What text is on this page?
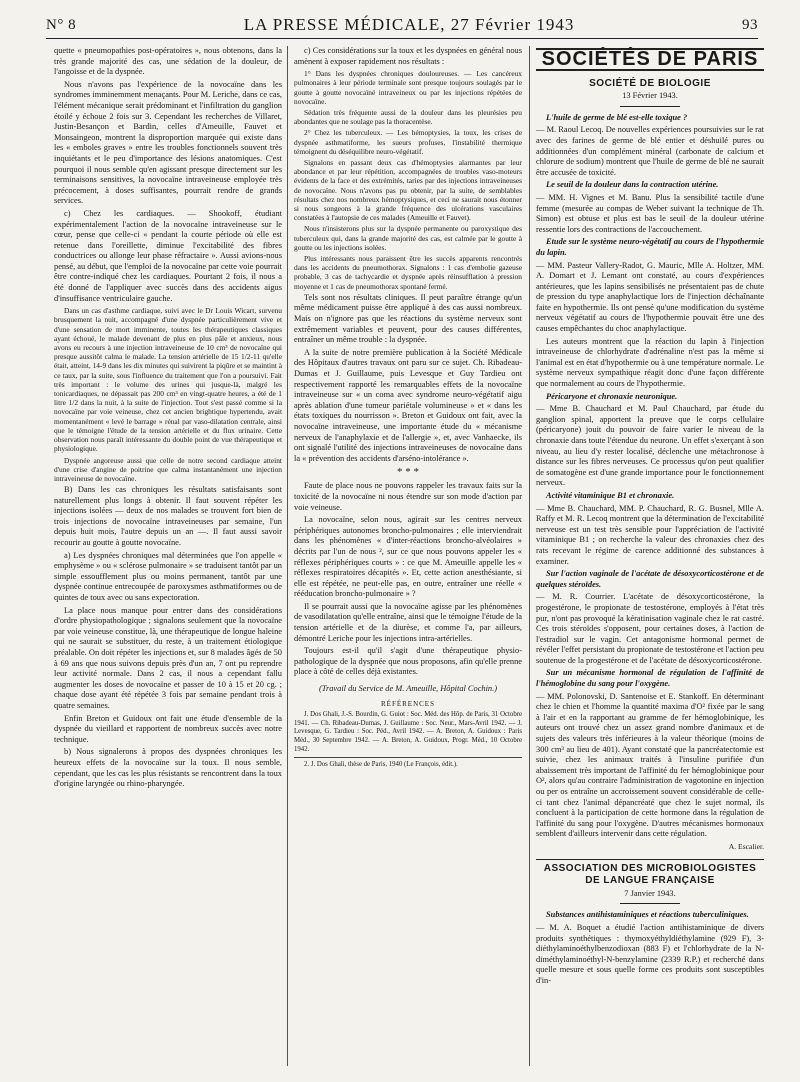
N° 8	LA PRESSE MÉDICALE, 27 Février 1943	93

quette « pneumopathies post-opératoires », nous obtenons, dans la très grande majorité des cas, une sédation de la douleur, de l'angoisse et de la dyspnée.

Nous n'avons pas l'expérience de la novocaïne dans les syndromes imminemment menaçants. Pour M. Leriche, dans ce cas, l'élément mécanique serait prédominant et l'infiltration du ganglion étoilé y échoue 2 fois sur 3. Cependant les recherches de Villaret, Justin-Besançon et Bardin, celles d'Ameuille, Fauvet et Monsaingeon, montrent la disproportion marquée qui existe dans les « emboles graves » entre les troubles fonctionnels souvent très inquiétants et le peu d'importance des lésions anatomiques. C'est pourquoi il nous semble qu'en agissant presque directement sur les terminaisons sensitives, la novocaïne intraveineuse employée très précocement, à doses suffisantes, pourrait rendre de grands services.

c) Chez les cardiaques. — Shookoff, étudiant expérimentalement l'action de la novocaïne intraveineuse sur le cœur, pense que celle-ci « pendant la courte période où elle est retenue dans l'oreillette, diminue l'excitabilité des fibres conductrices ou allonge leur phase réfractaire ». Aussi avions-nous pensé, au début, que l'emploi de la novocaïne par cette voie pourrait être contre-indiqué chez les cardiaques. Pourtant 2 fois, il nous a été donné de l'appliquer avec succès dans des accidents aigus d'insuffisance ventriculaire gauche.

Dans un cas d'asthme cardiaque, suivi avec le Dr Louis Wicart, survenu brusquement la nuit, accompagné d'une dyspnée particulièrement vive et d'une sensation de mort imminente, toutes les thérapeutiques classiques ayant échoué, le malade devenant de plus en plus pâle et anxieux, nous avons eu recours à une injection intraveineuse de 10 cm³ de novocaïne qui presque aussitôt calma le malade. La tension artérielle de 15 1/2-11 qu'elle était, atteint, 14-9 dans les dix minutes qui suivirent la piqûre et se maintint à ce taux, par la suite, sous l'influence du traitement que l'on a poursuivi. Fait très important : le volume des urines qui jusque-là, malgré les tonicardiaques, ne dépassait pas 200 cm³ en vingt-quatre heures, a été de 1 litre 1/2 dans la nuit, à la suite de l'injection. Tout s'est passé comme si la novocaïne par voie veineuse, chez cet ancien brightique hypertendu, avait momentanément « levé le barrage » rénal par vaso-dilatation centrale, ainsi que le témoigne l'étude de la tension artérielle et du flux urinaire. Cette observation nous paraît intéressante du double point de vue thérapeutique et physiologique.

Dyspnée angoreuse aussi que celle de notre second cardiaque atteint d'une crise d'angine de poitrine que calma instantanément une injection intraveineuse de novocaïne.

B) Dans les cas chroniques les résultats satisfaisants sont naturellement plus longs à obtenir. Il faut souvent répéter les injections isolées — deux de nos malades se trouvent fort bien de trois injections de novocaïne intraveineuses par semaine, l'un depuis huit mois, l'autre depuis un an —. Il faut aussi savoir recourir au goutte à goutte novocaïne.

a) Les dyspnées chroniques mal déterminées que l'on appelle « emphysème » ou « sclérose pulmonaire » se traduisent tantôt par un simple essoufflement plus ou moins permanent, tantôt par une dyspnée continue entrecoupée de paroxysmes asthmatiformes ou de quintes de toux avec ou sans expectoration.

La place nous manque pour entrer dans des considérations d'ordre physiopathologique ; signalons seulement que la novocaïne par voie veineuse constitue, là, une thérapeutique de longue haleine qui ne saurait se substituer, du reste, à un traitement étiologique préalable. On doit répéter les injections et, sur 8 malades âgés de 50 à 69 ans que nous suivons depuis près d'un an, 7 ont pu reprendre leur activité normale. Dans 2 cas, il nous a cependant fallu augmenter les doses de novocaïne et passer de 10 à 15 et 20 cg. ; chaque dose ayant été répétée 3 fois par semaine pendant trois à quatre semaines.

Enfin Breton et Guidoux ont fait une étude d'ensemble de la dyspnée du vieillard et rapportent de nombreux succès avec notre technique.

b) Nous signalerons à propos des dyspnées chroniques les heureux effets de la novocaïne sur la toux. Il nous semble, cependant, que les cas les plus résistants se rencontrent dans la toux d'origine laryngée ou rhino-pharyngée.

c) Ces considérations sur la toux et les dyspnées en général nous amènent à exposer rapidement nos résultats :

1° Dans les dyspnées chroniques douloureuses. — Les cancéreux pulmonaires à leur période terminale sont presque toujours soulagés par le goutte à goutte novocaïné intraveineux ou par les injections répétées de novocaïne.

Sédation très fréquente aussi de la douleur dans les pleurésies peu abondantes que ne soulage pas la thoracentèse.

2° Chez les tuberculeux. — Les hémoptysies, la toux, les crises de dyspnée asthmatiforme, les sueurs profuses, l'instabilité thermique témoignent du déséquilibre neuro-végétatif.

Signalons en passant deux cas d'hémoptysies alarmantes par leur abondance et par leur répétition, accompagnées de troubles vaso-moteurs évidents de la face et des extrémités, taries par des injections intraveineuses de novocaïne. Nous n'avons pas pu obtenir, par la suite, de semblables résultats chez nos nombreux hémoptysiques, et ceci ne saurait nous étonner si nous songeons à la grande fréquence des ulcérations vasculaires constatées à l'autopsie de ces malades (Ameuille et Fauvet).

Nous n'insisterons plus sur la dyspnée permanente ou paroxystique des tuberculeux qui, dans la grande majorité des cas, est calmée par le goutte à goutte ou les injections isolées.

Plus intéressants nous paraissent être les succès apparents rencontrés dans les accidents du pneumothorax. Signalons : 1 cas d'embolie gazeuse probable, 3 cas de tachycardie et dyspnée après réinsufflation à pression moyenne et 1 cas de pneumothorax spontané fermé.

Tels sont nos résultats cliniques. Il peut paraître étrange qu'un même médicament puisse être appliqué à des cas aussi nombreux. Mais on n'ignore pas que les réactions du système nerveux sont extrêmement variables et peuvent, pour des causes différentes, entraîner un même trouble : la dyspnée.

A la suite de notre première publication à la Société Médicale des Hôpitaux d'autres travaux ont paru sur ce sujet. Ch. Ribadeau-Dumas et J. Guillaume, puis Levesque et Guy Tardieu ont respectivement rapporté les remarquables effets de la novocaïne intraveineuse sur « un coma avec syndrome neuro-végétatif aigu après ablation d'une tumeur pariétale volumineuse » et « dans les états toxiques du nourrisson ». Breton et Guidoux ont fait, avec la novocaïne intraveineuse, une importante étude du « mécanisme nerveux de l'anaphylaxie et de l'allergie », et, avec Vanhaecke, ils ont signalé l'utilité des injections intraveineuses de novocaïne dans la « prévention des accidents d'arséno-intolérance ».

* * *

Faute de place nous ne pouvons rappeler les travaux faits sur la toxicité de la novocaïne ni nous étendre sur son mode d'action par voie veineuse.

La novocaïne, selon nous, agirait sur les centres nerveux périphériques autonomes broncho-pulmonaires ; elle interviendrait dans les phénomènes « d'inter-réactions broncho-alvéolaires » décrits par l'un de nous ², sur ce que nous pouvons appeler les « réflexes périphériques courts » : ce que M. Ameuille appelle les « réflexes respiratoires décapités ». Et, cette action anesthésiante, si elle est répétée, ne peut-elle pas, en outre, entraîner une réelle « rééducation broncho-pulmonaire » ?

Il se pourrait aussi que la novocaïne agisse par les phénomènes de vasodilatation qu'elle entraîne, ainsi que le témoigne l'étude de la tension artérielle et de la diurèse, et comme l'a, par ailleurs, démontré Leriche pour les injections intra-artérielles.

Toujours est-il qu'il s'agit d'une thérapeutique physio-pathologique de la dyspnée que nous proposons, afin qu'elle prenne place à côté de celles déjà existantes.

(Travail du Service de M. Ameuille, Hôpital Cochin.)
RÉFÉRENCES

J. Dos Ghali, J.-S. Bourdin, G. Guiot : Soc. Méd. des Hôp. de Paris, 31 Octobre 1941. — Ch. Ribadeau-Dumas, J. Guillaume : Soc. Neur., Mars-Avril 1942. — J. Levesque, G. Tardieu : Soc. Péd., Avril 1942. — A. Breton, A. Guidoux : Paris Méd., 30 Septembre 1942. — A. Breton, A. Guidoux, Progr. Méd., 10 Octobre 1942.

2. J. Dos Ghali, thèse de Paris, 1940 (Le François, édit.).

SOCIÉTÉS DE PARIS
SOCIÉTÉ DE BIOLOGIE
13 Février 1943.

L'huile de germe de blé est-elle toxique ?

— M. Raoul Lecoq. De nouvelles expériences poursuivies sur le rat avec des farines de germe de blé entier et déshuilé pures ou additionnées d'un complément minéral (carbonate de calcium et chlorure de sodium) montrent que l'huile de germe de blé ne saurait être accusée de toxicité.

Le seuil de la douleur dans la contraction utérine.

— MM. H. Vignes et M. Banu. Plus la sensibilité tactile d'une femme (mesurée au compas de Weber suivant la technique de Th. Simon) est obtuse et plus est bas le seuil de la douleur utérine ressentie lors des contractions de l'accouchement.

Etude sur le système neuro-végétatif au cours de l'hypothermie du lapin.

— MM. Pasteur Vallery-Radot, G. Mauric, Mlle A. Holtzer, MM. A. Domart et J. Lemant ont constaté, au cours d'expériences antérieures, que les lapins sensibilisés ne présentaient pas de chute de pression du type anaphylactique lors de l'injection déchaînante faite en hypothermie. Ils ont pensé qu'une modification du système nerveux végétatif au cours de l'hypothermie pouvait être une des causes empêchantes du choc anaphylactique.

Les auteurs montrent que la réaction du lapin à l'injection intraveineuse de chlorhydrate d'adrénaline n'est pas la même si l'animal est en état d'hypothermie ou à une température normale. Le système nerveux sympathique réagit donc d'une façon différente que normalement au cours de l'hypothermie.

Péricaryone et chronaxie neuronique.

— Mme B. Chauchard et M. Paul Chauchard, par étude du ganglion spinal, apportent la preuve que le corps cellulaire (péricaryone) jouit du pouvoir de faire varier le niveau de la chronaxie dans toute l'étendue du neurone. Un effet s'exerçant à son niveau, au lieu d'y rester localisé, déclenche une métachronose à distance sur les fibres nerveuses. Ce processus qu'on peut qualifier de somatogène est d'une grande importance pour le fonctionnement nerveux.

Activité vitaminique B1 et chronaxie.

— Mme B. Chauchard, MM. P. Chauchard, R. G. Busnel, Mlle A. Raffy et M. R. Lecoq montrent que la détermination de l'excitabilité nerveuse est un test très sensible pour l'appréciation de l'activité vitaminique B1 ; on recherche la valeur des chronaxies chez des rats recevant le régime de carence additionné des substances à examiner.

Sur l'action vaginale de l'acétate de désoxycorticostérone et de quelques stéroïdes.

— M. R. Courrier. L'acétate de désoxycorticostérone, la progestérone, le propionate de testostérone, employés à l'état très pur, n'ont pas provoqué la kératinisation vaginale chez le rat castré. Ces trois stéroïdes s'opposent, pour certaines doses, à l'action de l'estradiol sur le vagin. Cet antagonisme hormonal permet de révéler l'effet persistant du propionate de testostérone et l'action peu soutenue de la progestérone et de l'acétate de désoxycorticostérone.

Sur un mécanisme hormonal de régulation de l'affinité de l'hémoglobine du sang pour l'oxygène.

— MM. Polonovski, D. Santenoise et E. Stankoff. En déterminant chez le chien et l'homme la quantité maxima d'O² fixée par le sang à l'air et en la rapportant au gramme de fer hémoglobinique, les auteurs ont trouvé chez un assez grand nombre d'animaux et de sujets des valeurs très inférieures à la valeur théorique (moins de 300 cm³ au lieu de 401). Ayant constaté que la pancréatectomie est suivie, chez les animaux traités à l'insuline purifiée d'un abaissement très important de l'affinité du fer hémoglobinique pour O², alors qu'au contraire l'administration de vagotonine en injection ou per os entraîne un accroissement souvent considérable de celle-ci tant chez l'animal dépancréaté que chez le sujet normal, ils concluent à la participation de cette hormone dans la régulation de l'affinité du sang pour l'oxygène. D'autres mécanismes hormonaux semblent d'ailleurs intervenir dans cette régulation.

A. Escalier.
ASSOCIATION DES MICROBIOLOGISTES
DE LANGUE FRANÇAISE
7 Janvier 1943.

Substances antihistaminiques et réactions tuberculiniques.

— M. A. Boquet a étudié l'action antihistaminique de divers produits synthétiques : thymoxyéthyldiéthylamine (929 F), 3-diéthylaminoéthylbenzodioxan (883 F) et l'chlorhydrate de la N-diméthylaminoéthyl-N-benzylamine (2339 R.P.) et recherché dans quelle mesure et sous quelle forme ces produits sont susceptibles d'in-
